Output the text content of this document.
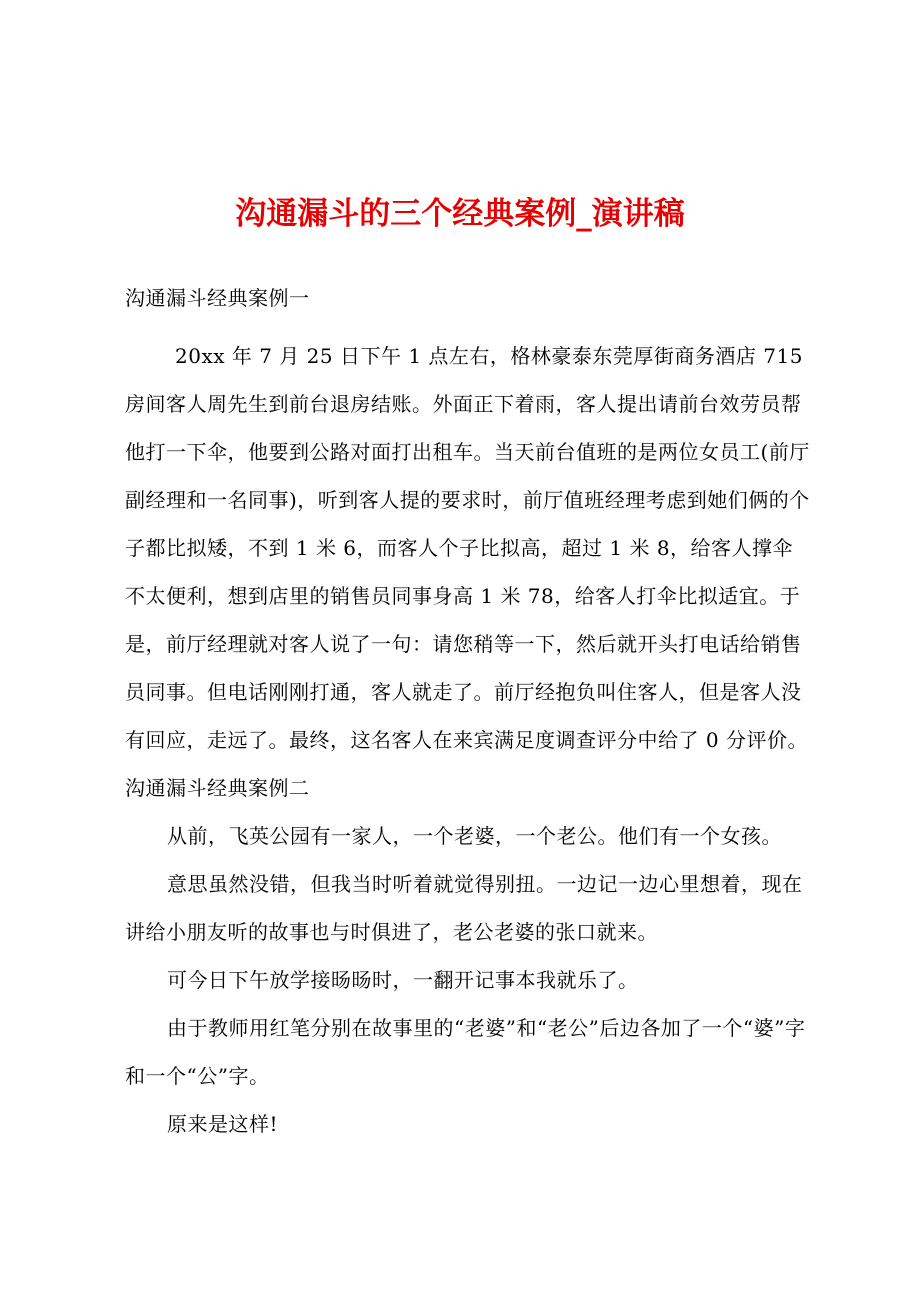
沟通漏斗的三个经典案例_演讲稿
沟通漏斗经典案例一
20xx 年 7 月 25 日下午 1 点左右，格林豪泰东莞厚街商务酒店 715 房间客人周先生到前台退房结账。外面正下着雨，客人提出请前台效劳员帮他打一下伞，他要到公路对面打出租车。当天前台值班的是两位女员工(前厅副经理和一名同事)，听到客人提的要求时，前厅值班经理考虑到她们俩的个子都比拟矮，不到 1 米 6，而客人个子比拟高，超过 1 米 8，给客人撑伞不太便利，想到店里的销售员同事身高 1 米 78，给客人打伞比拟适宜。于是，前厅经理就对客人说了一句：请您稍等一下，然后就开头打电话给销售员同事。但电话刚刚打通，客人就走了。前厅经抱负叫住客人，但是客人没有回应，走远了。最终，这名客人在来宾满足度调查评分中给了 0 分评价。 沟通漏斗经典案例二
从前，飞英公园有一家人，一个老婆，一个老公。他们有一个女孩。
意思虽然没错，但我当时听着就觉得别扭。一边记一边心里想着，现在讲给小朋友听的故事也与时俱进了，老公老婆的张口就来。
可今日下午放学接旸旸时，一翻开记事本我就乐了。
由于教师用红笔分别在故事里的“老婆”和“老公”后边各加了一个“婆”字和一个“公”字。
原来是这样!
